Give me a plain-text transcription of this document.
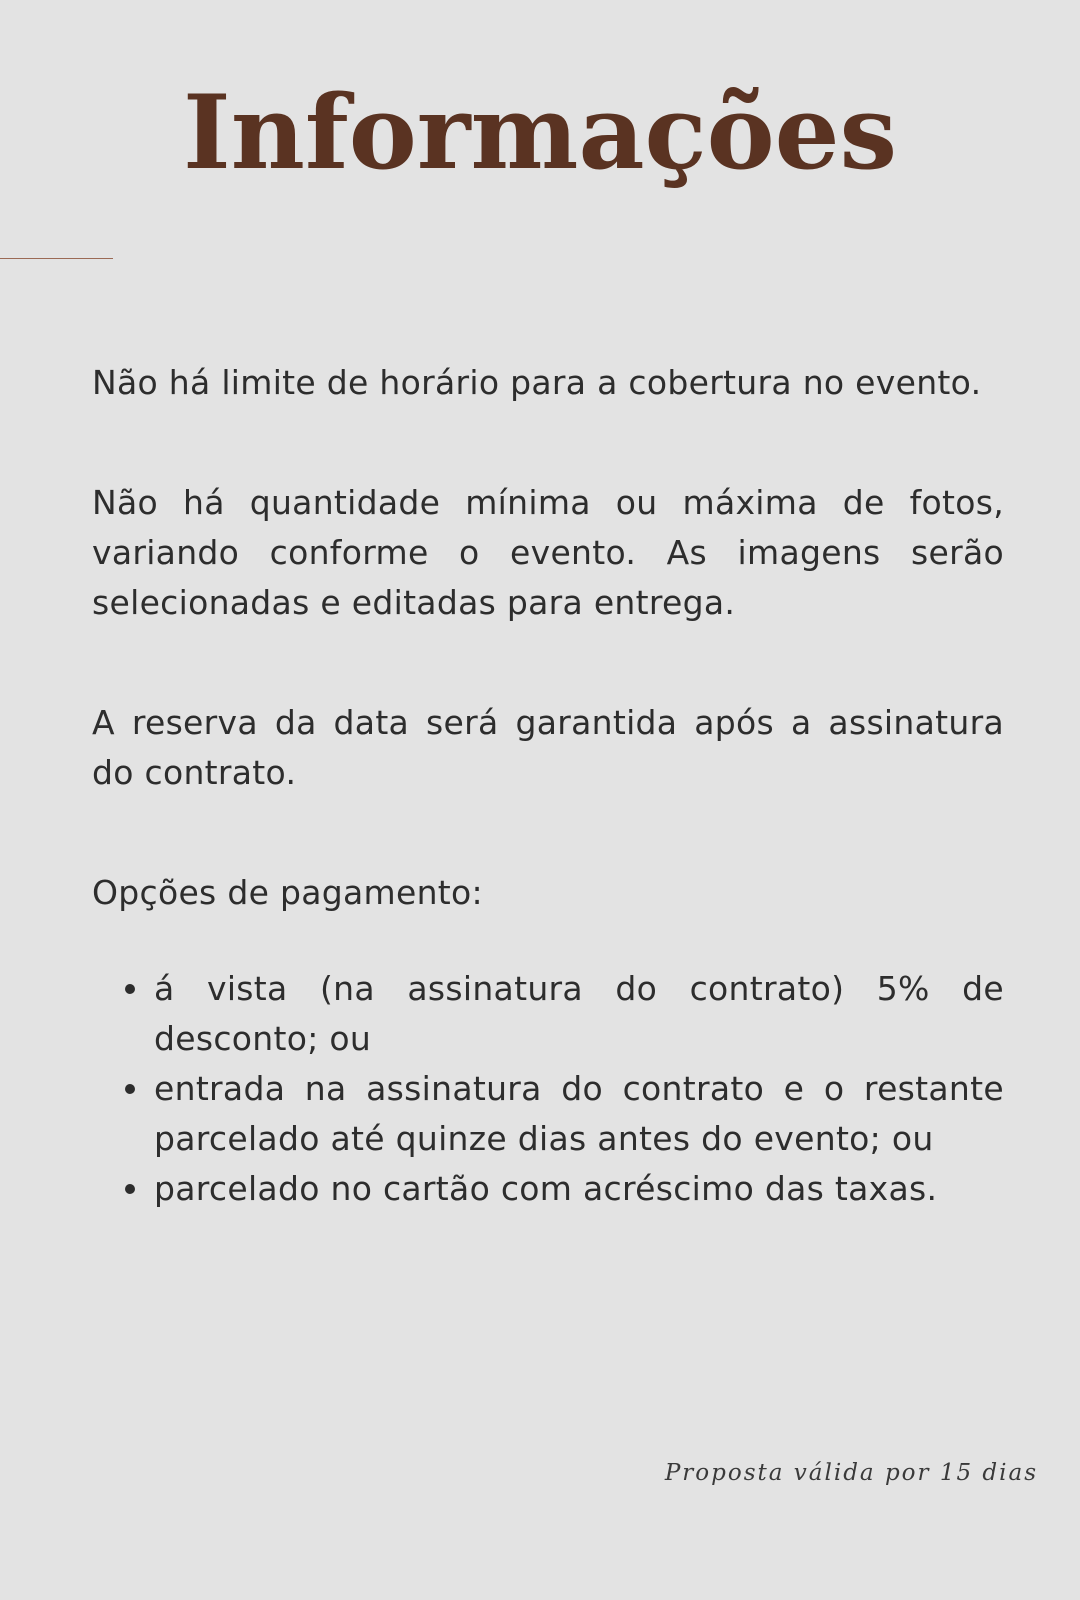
Informações

Não há limite de horário para a cobertura no evento.

Não há quantidade mínima ou máxima de fotos, variando conforme o evento. As imagens serão selecionadas e editadas para entrega.

A reserva da data será garantida após a assinatura do contrato.

Opções de pagamento:

á vista (na assinatura do contrato) 5% de desconto; ou
entrada na assinatura do contrato e o restante parcelado até quinze dias antes do evento; ou
parcelado no cartão com acréscimo das taxas.
Proposta válida por 15 dias
